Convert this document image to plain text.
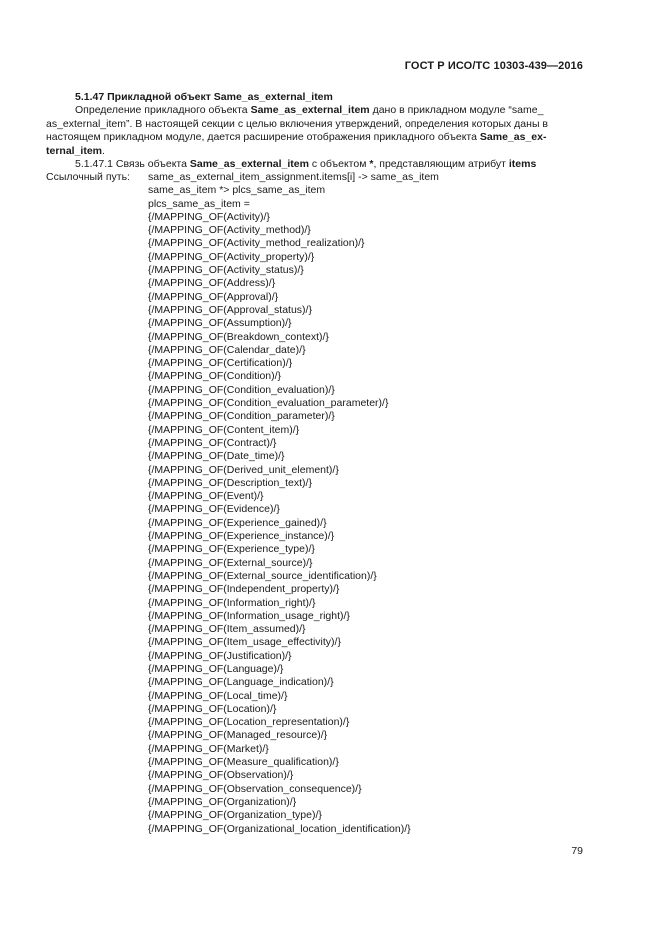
ГОСТ Р ИСО/ТС 10303-439—2016
5.1.47 Прикладной объект Same_as_external_item
Определение прикладного объекта Same_as_external_item дано в прикладном модуле “same_
as_external_item”. В настоящей секции с целью включения утверждений, определения которых даны в
настоящем прикладном модуле, дается расширение отображения прикладного объекта Same_as_ex-
ternal_item.
5.1.47.1 Связь объекта Same_as_external_item с объектом *, представляющим атрибут items
Ссылочный путь: same_as_external_item_assignment.items[i] -> same_as_item
same_as_item *> plcs_same_as_item
plcs_same_as_item =
{/MAPPING_OF(Activity)/}
{/MAPPING_OF(Activity_method)/}
{/MAPPING_OF(Activity_method_realization)/}
{/MAPPING_OF(Activity_property)/}
{/MAPPING_OF(Activity_status)/}
{/MAPPING_OF(Address)/}
{/MAPPING_OF(Approval)/}
{/MAPPING_OF(Approval_status)/}
{/MAPPING_OF(Assumption)/}
{/MAPPING_OF(Breakdown_context)/}
{/MAPPING_OF(Calendar_date)/}
{/MAPPING_OF(Certification)/}
{/MAPPING_OF(Condition)/}
{/MAPPING_OF(Condition_evaluation)/}
{/MAPPING_OF(Condition_evaluation_parameter)/}
{/MAPPING_OF(Condition_parameter)/}
{/MAPPING_OF(Content_item)/}
{/MAPPING_OF(Contract)/}
{/MAPPING_OF(Date_time)/}
{/MAPPING_OF(Derived_unit_element)/}
{/MAPPING_OF(Description_text)/}
{/MAPPING_OF(Event)/}
{/MAPPING_OF(Evidence)/}
{/MAPPING_OF(Experience_gained)/}
{/MAPPING_OF(Experience_instance)/}
{/MAPPING_OF(Experience_type)/}
{/MAPPING_OF(External_source)/}
{/MAPPING_OF(External_source_identification)/}
{/MAPPING_OF(Independent_property)/}
{/MAPPING_OF(Information_right)/}
{/MAPPING_OF(Information_usage_right)/}
{/MAPPING_OF(Item_assumed)/}
{/MAPPING_OF(Item_usage_effectivity)/}
{/MAPPING_OF(Justification)/}
{/MAPPING_OF(Language)/}
{/MAPPING_OF(Language_indication)/}
{/MAPPING_OF(Local_time)/}
{/MAPPING_OF(Location)/}
{/MAPPING_OF(Location_representation)/}
{/MAPPING_OF(Managed_resource)/}
{/MAPPING_OF(Market)/}
{/MAPPING_OF(Measure_qualification)/}
{/MAPPING_OF(Observation)/}
{/MAPPING_OF(Observation_consequence)/}
{/MAPPING_OF(Organization)/}
{/MAPPING_OF(Organization_type)/}
{/MAPPING_OF(Organizational_location_identification)/}
79
